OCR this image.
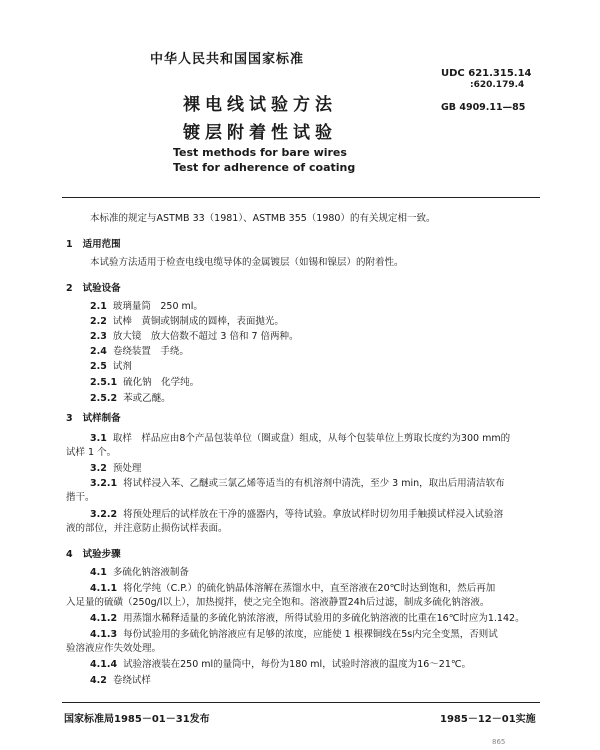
中华人民共和国国家标准
裸电线试验方法
镀层附着性试验
Test methods for bare wires
Test for adherence of coating
UDC 621.315.14
:620.179.4
GB 4909.11—85
本标准的规定与ASTMB 33（1981）、ASTMB 355（1980）的有关规定相一致。
1 适用范围
本试验方法适用于检查电线电缆导体的金属镀层（如锡和镍层）的附着性。
2 试验设备
2.1 玻璃量筒　250 ml。
2.2 试棒　黄铜或钢制成的圆棒，表面抛光。
2.3 放大镜　放大倍数不超过 3 倍和 7 倍两种。
2.4 卷绕装置　手绕。
2.5 试剂
2.5.1 硫化钠　化学纯。
2.5.2 苯或乙醚。
3 试样制备
3.1 取样　样品应由8个产品包装单位（圈或盘）组成，从每个包装单位上剪取长度约为300 mm的
试样 1 个。
3.2 预处理
3.2.1 将试样浸入苯、乙醚或三氯乙烯等适当的有机溶剂中清洗，至少 3 min，取出后用清洁软布
揩干。
3.2.2 将预处理后的试样放在干净的盛器内，等待试验。拿放试样时切勿用手触摸试样浸入试验溶
液的部位，并注意防止损伤试样表面。
4 试验步骤
4.1 多硫化钠溶液制备
4.1.1 将化学纯（C.P.）的硫化钠晶体溶解在蒸馏水中，直至溶液在20℃时达到饱和，然后再加
入足量的硫磺（250g/l以上），加热搅拌，使之完全饱和。溶液静置24h后过滤，制成多硫化钠溶液。
4.1.2 用蒸馏水稀释适量的多硫化钠浓溶液，所得试验用的多硫化钠溶液的比重在16℃时应为1.142。
4.1.3 每份试验用的多硫化钠溶液应有足够的浓度，应能使 1 根裸铜线在5s内完全变黑，否则试
验溶液应作失效处理。
4.1.4 试验溶液装在250 ml的量筒中，每份为180 ml，试验时溶液的温度为16～21℃。
4.2 卷绕试样
国家标准局1985－01－31发布	1985－12－01实施
865
